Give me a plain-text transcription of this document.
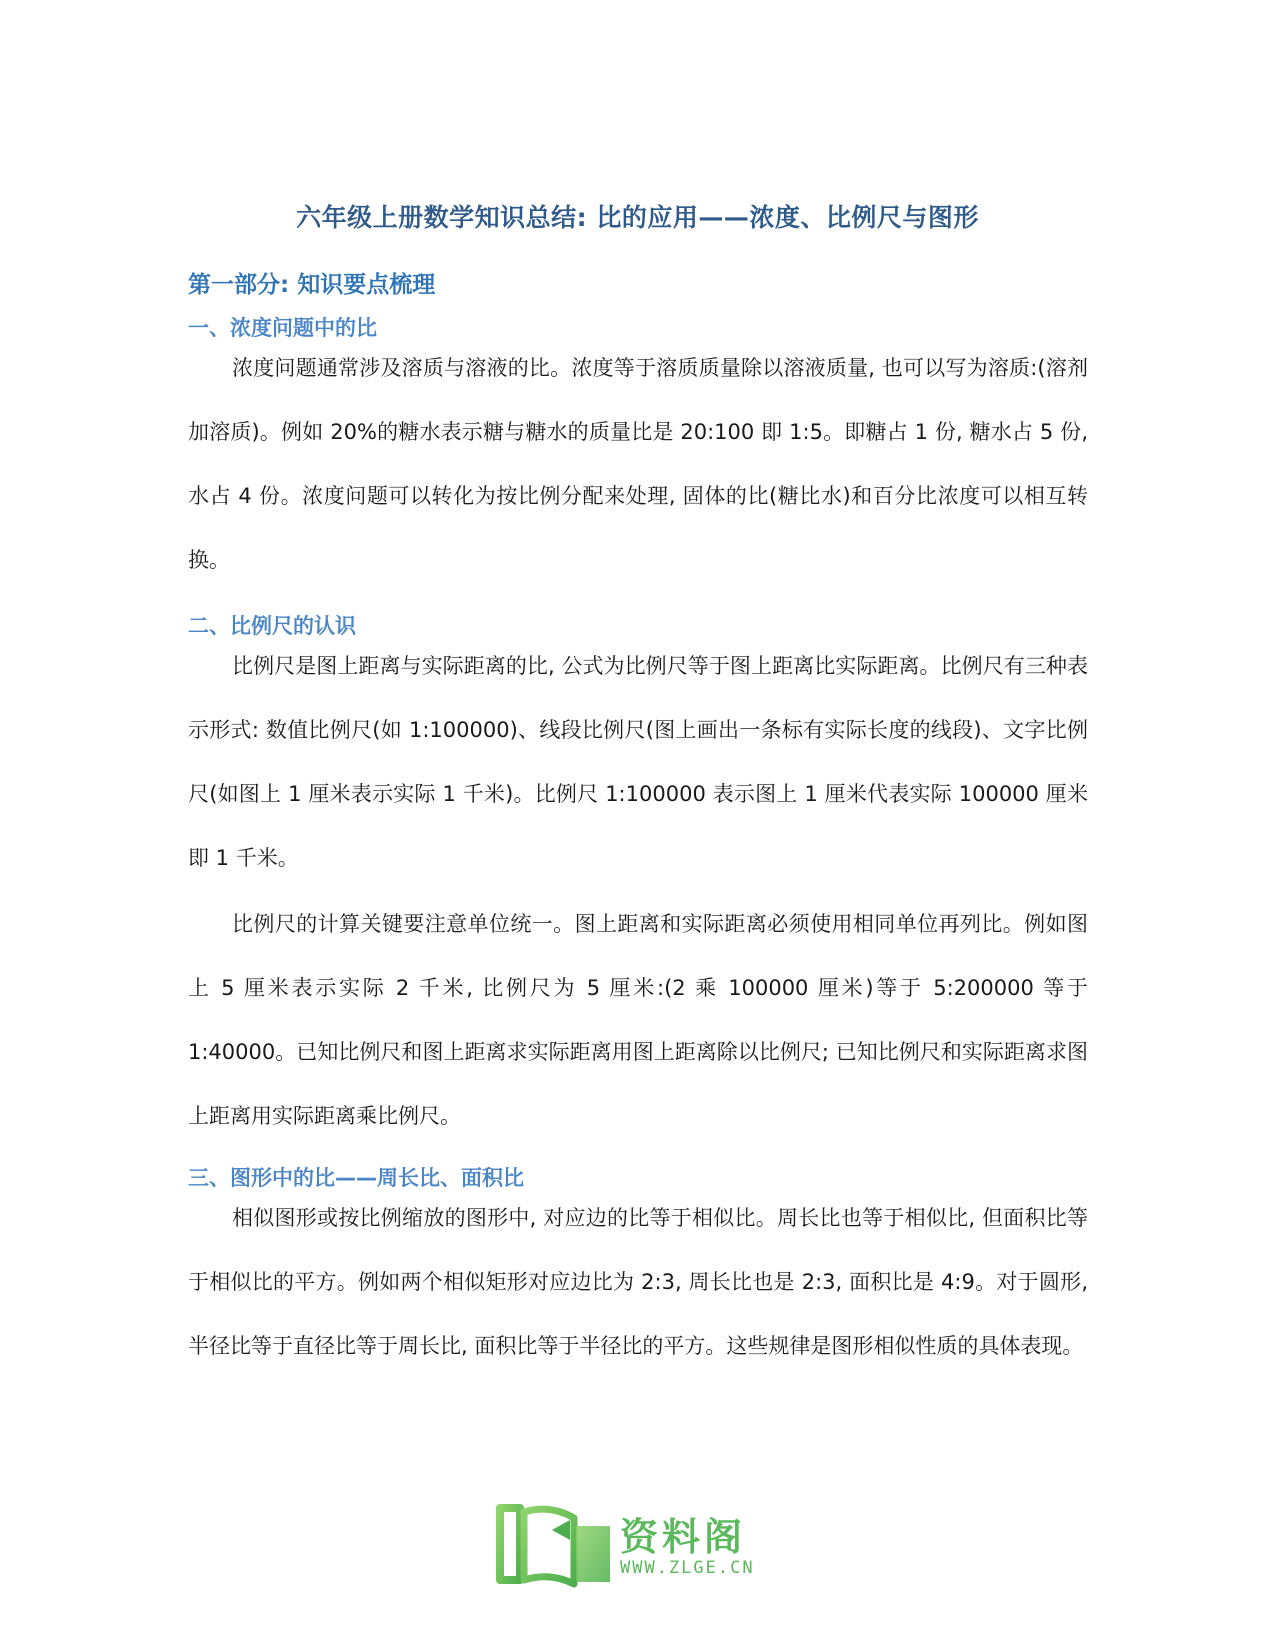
六年级上册数学知识总结: 比的应用——浓度、比例尺与图形
第一部分: 知识要点梳理
一、浓度问题中的比

浓度问题通常涉及溶质与溶液的比。浓度等于溶质质量除以溶液质量, 也可以写为溶质:(溶剂加溶质)。例如 20%的糖水表示糖与糖水的质量比是 20:100 即 1:5。即糖占 1 份, 糖水占 5 份, 水占 4 份。浓度问题可以转化为按比例分配来处理, 固体的比(糖比水)和百分比浓度可以相互转换。

二、比例尺的认识

比例尺是图上距离与实际距离的比, 公式为比例尺等于图上距离比实际距离。比例尺有三种表示形式: 数值比例尺(如 1:100000)、线段比例尺(图上画出一条标有实际长度的线段)、文字比例尺(如图上 1 厘米表示实际 1 千米)。比例尺 1:100000 表示图上 1 厘米代表实际 100000 厘米即 1 千米。

比例尺的计算关键要注意单位统一。图上距离和实际距离必须使用相同单位再列比。例如图上 5 厘米表示实际 2 千米, 比例尺为 5 厘米:(2 乘 100000 厘米)等于 5:200000 等于 1:40000。已知比例尺和图上距离求实际距离用图上距离除以比例尺; 已知比例尺和实际距离求图上距离用实际距离乘比例尺。

三、图形中的比——周长比、面积比

相似图形或按比例缩放的图形中, 对应边的比等于相似比。周长比也等于相似比, 但面积比等于相似比的平方。例如两个相似矩形对应边比为 2:3, 周长比也是 2:3, 面积比是 4:9。对于圆形, 半径比等于直径比等于周长比, 面积比等于半径比的平方。这些规律是图形相似性质的具体表现。

资料阁
WWW.ZLGE.CN
